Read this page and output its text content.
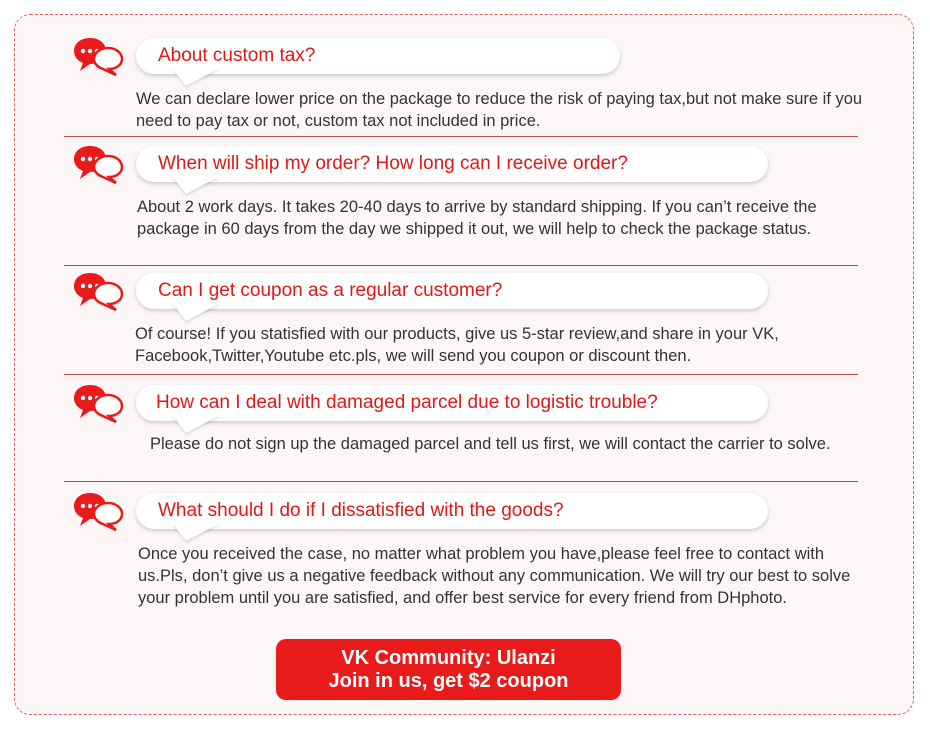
About custom tax?
We can declare lower price on the package to reduce the risk of paying tax,but not make sure if you need to pay tax or not, custom tax not included in price.
When will ship my order? How long can I receive order?
About 2 work days. It takes 20-40 days to arrive by standard shipping. If you can’t receive the package in 60 days from the day we shipped it out, we will help to check the package status.
Can I get coupon as a regular customer?
Of course! If you statisfied with our products, give us 5-star review,and share in your VK, Facebook,Twitter,Youtube etc.pls, we will send you coupon or discount then.
How can I deal with damaged parcel due to logistic trouble?
Please do not sign up the damaged parcel and tell us first, we will contact the carrier to solve.
What should I do if I dissatisfied with the goods?
Once you received the case, no matter what problem you have,please feel free to contact with us.Pls, don’t give us a negative feedback without any communication. We will try our best to solve your problem until you are satisfied, and offer best service for every friend from DHphoto.
VK Community: Ulanzi
Join in us, get $2 coupon
